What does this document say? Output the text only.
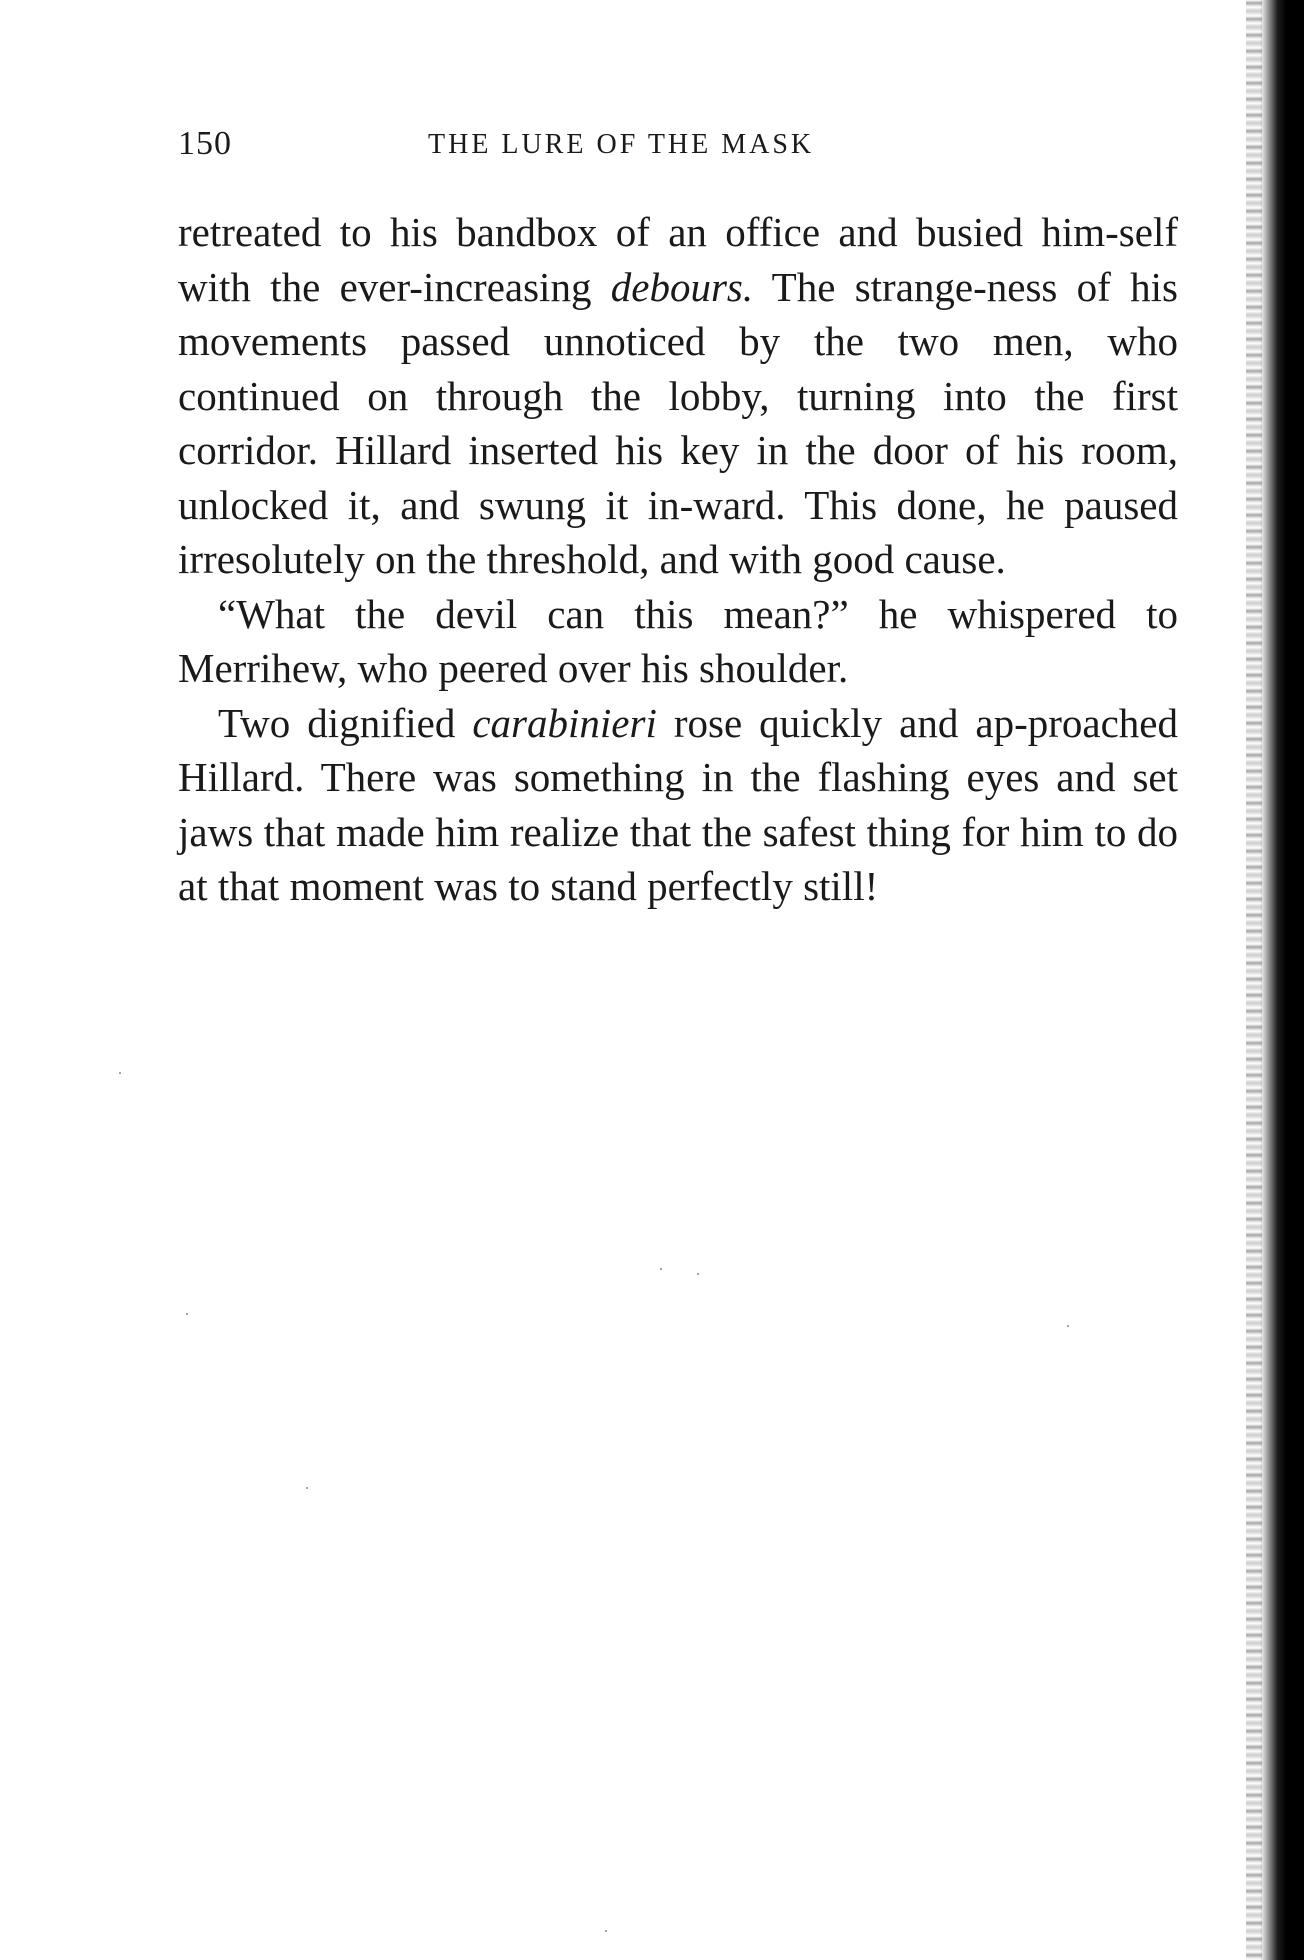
150	THE LURE OF THE MASK

retreated to his bandbox of an office and busied him-self with the ever-increasing debours. The strange-ness of his movements passed unnoticed by the two men, who continued on through the lobby, turning into the first corridor. Hillard inserted his key in the door of his room, unlocked it, and swung it in-ward. This done, he paused irresolutely on the threshold, and with good cause.

“What the devil can this mean?” he whispered to Merrihew, who peered over his shoulder.

Two dignified carabinieri rose quickly and ap-proached Hillard. There was something in the flashing eyes and set jaws that made him realize that the safest thing for him to do at that moment was to stand perfectly still!
